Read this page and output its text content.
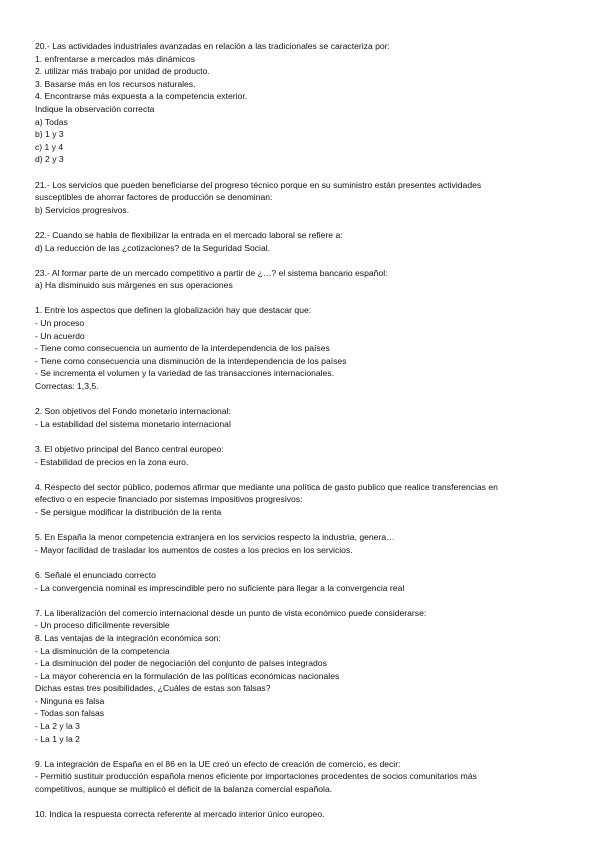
20.- Las actividades industriales avanzadas en relación a las tradicionales se caracteriza por:
1. enfrentarse a mercados más dinámicos
2. utilizar más trabajo por unidad de producto.
3. Basarse más en los recursos naturales.
4. Encontrarse más expuesta a la competencia exterior.
Indique la observación correcta
a) Todas
b) 1 y 3
c) 1 y 4
d) 2 y 3
21.- Los servicios que pueden beneficiarse del progreso técnico porque en su suministro están presentes actividades
susceptibles de ahorrar factores de producción se denominan:
b) Servicios progresivos.
22.- Cuando se habla de flexibilizar la entrada en el mercado laboral se refiere a:
d) La reducción de las ¿cotizaciones? de la Seguridad Social.
23.- Al formar parte de un mercado competitivo a partir de ¿…? el sistema bancario español:
a) Ha disminuido sus márgenes en sus operaciones
1. Entre los aspectos que definen la globalización hay que destacar que:
- Un proceso
- Un acuerdo
- Tiene como consecuencia un aumento de la interdependencia de los países
- Tiene como consecuencia una disminución de la interdependencia de los países
- Se incrementa el volumen y la variedad de las transacciones internacionales.
Correctas: 1,3,5.
2. Son objetivos del Fondo monetario internacional:
- La estabilidad del sistema monetario internacional
3. El objetivo principal del Banco central europeo:
- Estabilidad de precios en la zona euro.
4. Respecto del sector público, podemos afirmar que mediante una política de gasto publico que realice transferencias en
efectivo o en especie financiado por sistemas impositivos progresivos:
- Se persigue modificar la distribución de la renta
5. En España la menor competencia extranjera en los servicios respecto la industria, genera…
- Mayor facilidad de trasladar los aumentos de costes a los precios en los servicios.
6. Señale el enunciado correcto
- La convergencia nominal es imprescindible pero no suficiente para llegar a la convergencia real
7. La liberalización del comercio internacional desde un punto de vista económico puede considerarse:
- Un proceso difícilmente reversible
8. Las ventajas de la integración económica son:
- La disminución de la competencia
- La disminución del poder de negociación del conjunto de países integrados
- La mayor coherencia en la formulación de las políticas económicas nacionales
Dichas estas tres posibilidades, ¿Cuáles de estas son falsas?
- Ninguna es falsa
- Todas son falsas
- La 2 y la 3
- La 1 y la 2
9. La integración de España en el 86 en la UE creó un efecto de creación de comercio, es decir:
- Permitió sustituir producción española menos eficiente por importaciones procedentes de socios comunitarios más
competitivos, aunque se multiplicó el déficit de la balanza comercial española.
10. Indica la respuesta correcta referente al mercado interior único europeo.
